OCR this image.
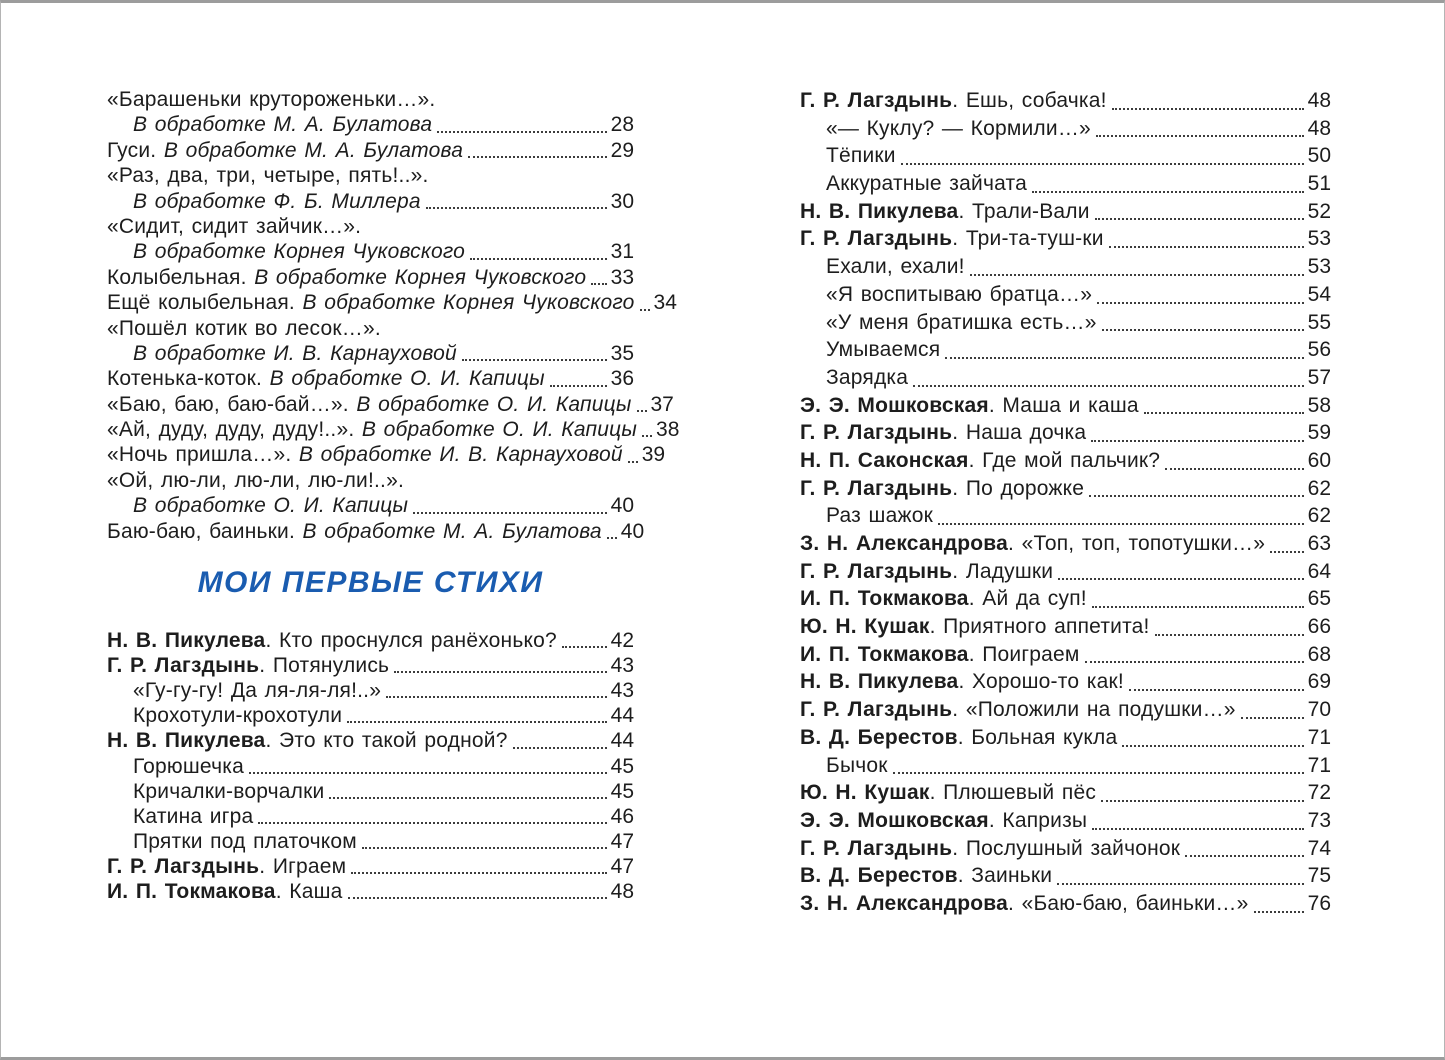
«Барашеньки крутороженьки…».
В обработке М. А. Булатова	28
Гуси. В обработке М. А. Булатова	29
«Раз, два, три, четыре, пять!..».
В обработке Ф. Б. Миллера	30
«Сидит, сидит зайчик…».
В обработке Корнея Чуковского	31
Колыбельная. В обработке Корнея Чуковского 33
Ещё колыбельная. В обработке Корнея Чуковского 34
«Пошёл котик во лесок…».
В обработке И. В. Карнауховой	35
Котенька-коток. В обработке О. И. Капицы	36
«Баю, баю, баю-бай…». В обработке О. И. Капицы 37
«Ай, дуду, дуду, дуду!..». В обработке О. И. Капицы 38
«Ночь пришла…». В обработке И. В. Карнауховой 39
«Ой, лю-ли, лю-ли, лю-ли!..».
В обработке О. И. Капицы	40
Баю-баю, баиньки. В обработке М. А. Булатова 40
МОИ ПЕРВЫЕ СТИХИ
Н. В. Пикулева . Кто проснулся ранёхонько?	42
Г. Р. Лагздынь . Потянулись	43
«Гу-гу-гу! Да ля-ля-ля!..»	43
Крохотули-крохотули	44
Н. В. Пикулева . Это кто такой родной?	44
Горюшечка	45
Кричалки-ворчалки	45
Катина игра	46
Прятки под платочком	47
Г. Р. Лагздынь . Играем	47
И. П. Токмакова . Каша	48
Г. Р. Лагздынь . Ешь, собачка!	48
«— Куклу? — Кормили…»	48
Тёпики	50
Аккуратные зайчата	51
Н. В. Пикулева . Трали-Вали	52
Г. Р. Лагздынь . Три-та-туш-ки	53
Ехали, ехали!	53
«Я воспитываю братца…»	54
«У меня братишка есть…»	55
Умываемся	56
Зарядка	57
Э. Э. Мошковская . Маша и каша	58
Г. Р. Лагздынь . Наша дочка	59
Н. П. Саконская . Где мой пальчик?	60
Г. Р. Лагздынь . По дорожке	62
Раз шажок	62
З. Н. Александрова . «Топ, топ, топотушки…» 63
Г. Р. Лагздынь . Ладушки	64
И. П. Токмакова . Ай да суп!	65
Ю. Н. Кушак . Приятного аппетита!	66
И. П. Токмакова . Поиграем	68
Н. В. Пикулева . Хорошо-то как!	69
Г. Р. Лагздынь . «Положили на подушки…»	70
В. Д. Берестов . Больная кукла	71
Бычок	71
Ю. Н. Кушак . Плюшевый пёс	72
Э. Э. Мошковская . Капризы	73
Г. Р. Лагздынь . Послушный зайчонок	74
В. Д. Берестов . Заиньки	75
З. Н. Александрова . «Баю-баю, баиньки…»	76
